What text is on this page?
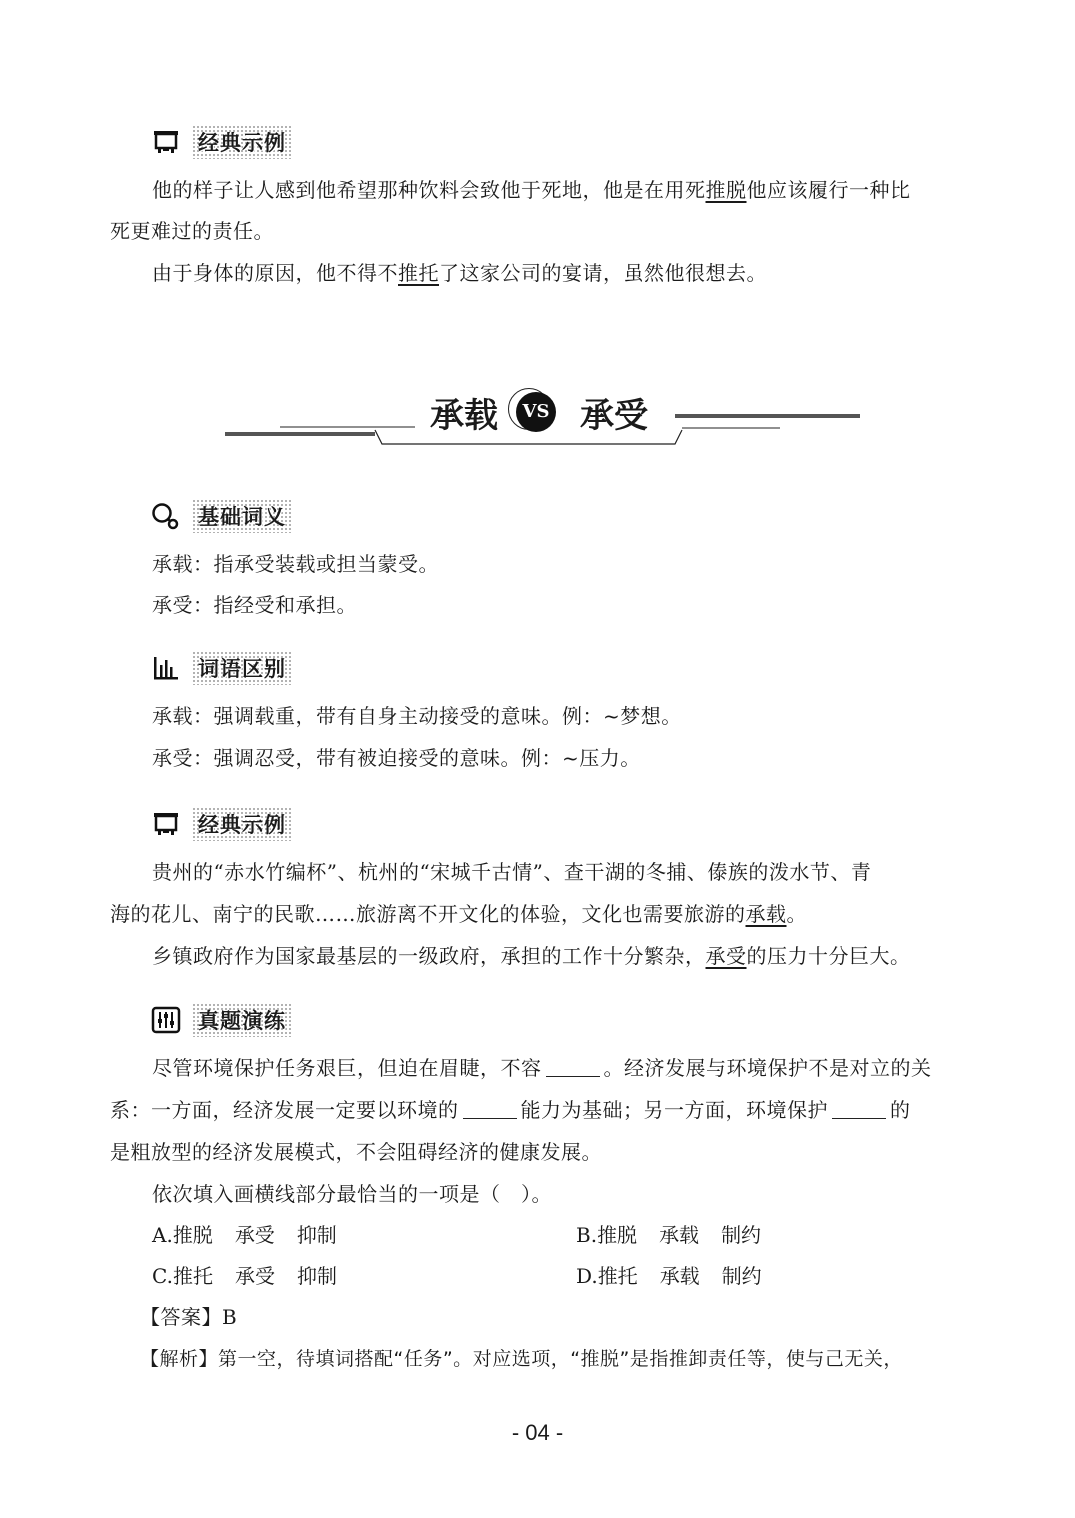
经典示例
他的样子让人感到他希望那种饮料会致他于死地，他是在用死推脱他应该履行一种比
死更难过的责任。
由于身体的原因，他不得不推托了这家公司的宴请，虽然他很想去。
承载	VS 承受
基础词义
承载：指承受装载或担当蒙受。
承受：指经受和承担。
词语区别
承载：强调载重，带有自身主动接受的意味。例：~梦想。
承受：强调忍受，带有被迫接受的意味。例：~压力。
经典示例
贵州的“赤水竹编杯”、杭州的“宋城千古情”、查干湖的冬捕、傣族的泼水节、青
海的花儿、南宁的民歌……旅游离不开文化的体验，文化也需要旅游的承载。
乡镇政府作为国家最基层的一级政府，承担的工作十分繁杂，承受的压力十分巨大。
真题演练
尽管环境保护任务艰巨，但迫在眉睫，不容	。经济发展与环境保护不是对立的关
系：一方面，经济发展一定要以环境的	能力为基础；另一方面，环境保护	的
是粗放型的经济发展模式，不会阻碍经济的健康发展。
依次填入画横线部分最恰当的一项是（　）。
A.推脱 承受 抑制	B.推脱 承载 制约
C.推托 承受 抑制	D.推托 承载 制约
【答案】B
【解析】第一空，待填词搭配“任务”。对应选项，“推脱”是指推卸责任等，使与己无关，
- 04 -
